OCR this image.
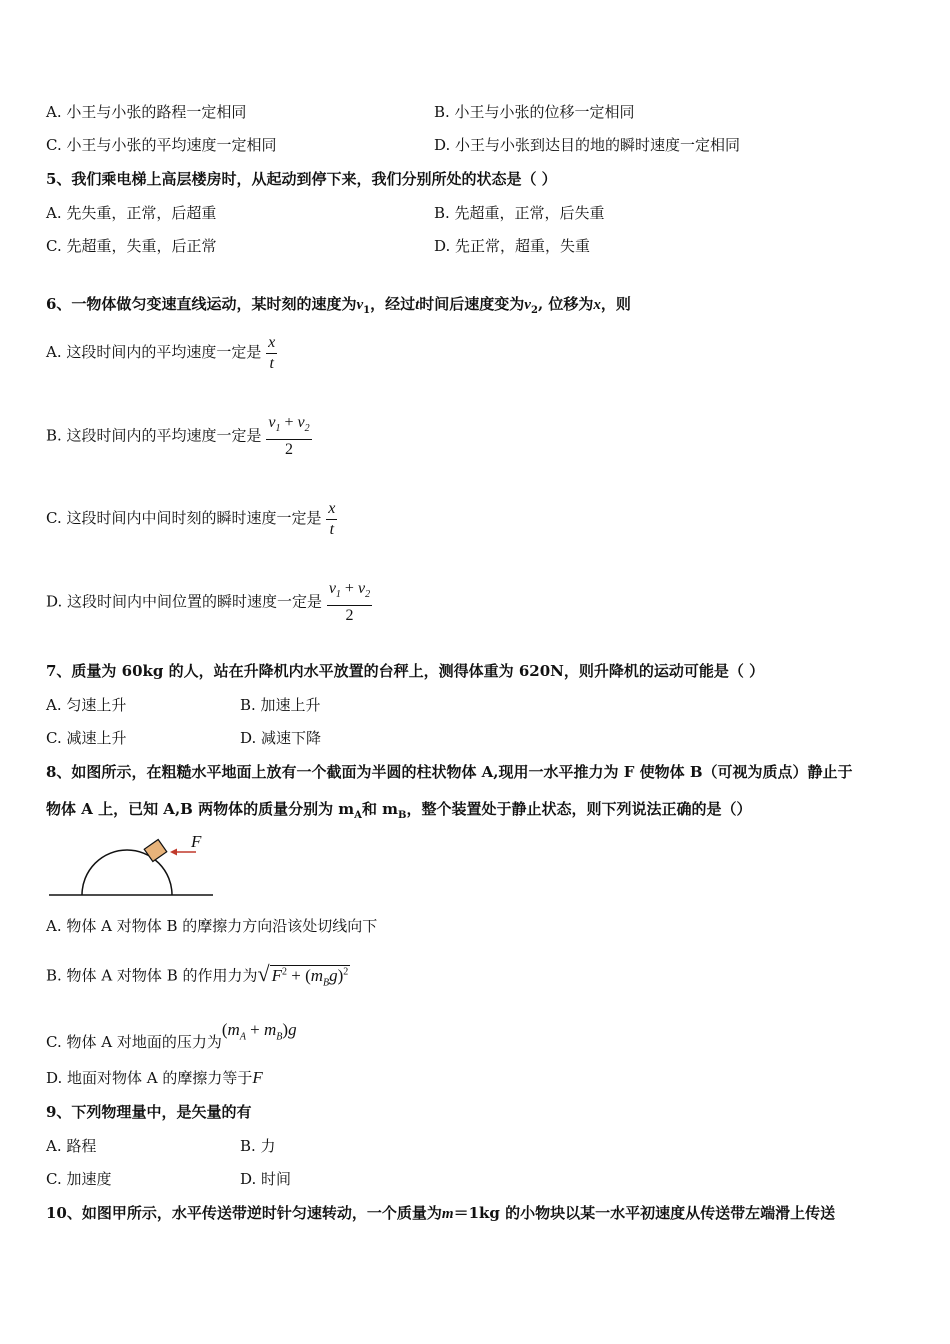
A. 小王与小张的路程一定相同	B. 小王与小张的位移一定相同
C. 小王与小张的平均速度一定相同	D. 小王与小张到达目的地的瞬时速度一定相同
5、我们乘电梯上高层楼房时，从起动到停下来，我们分别所处的状态是（ ）
A. 先失重，正常，后超重	B. 先超重，正常，后失重
C. 先超重，失重，后正常	D. 先正常，超重，失重
6、一物体做匀变速直线运动，某时刻的速度为$v_1$，经过t时间后速度变为$v_2$, 位移为x，则
A. 这段时间内的平均速度一定是 $\frac{x}{t}$
B. 这段时间内的平均速度一定是 $\frac{v_1 + v_2}{2}$
C. 这段时间内中间时刻的瞬时速度一定是 $\frac{x}{t}$
D. 这段时间内中间位置的瞬时速度一定是 $\frac{v_1 + v_2}{2}$
7、质量为 60kg 的人，站在升降机内水平放置的台秤上，测得体重为 620N，则升降机的运动可能是（ ）
A. 匀速上升	B. 加速上升
C. 减速上升	D. 减速下降
8、如图所示，在粗糙水平地面上放有一个截面为半圆的柱状物体 A,现用一水平推力为 F 使物体 B（可视为质点）静止于
物体 A 上，已知 A,B 两物体的质量分别为 $m_A$和 $m_B$，整个装置处于静止状态，则下列说法正确的是（）
F
A. 物体 A 对物体 B 的摩擦力方向沿该处切线向下
B. 物体 A 对物体 B 的作用力为√ $F^2 + (m_Bg)^2$
C. 物体 A 对地面的压力为$(m_A + m_B)g$
D. 地面对物体 A 的摩擦力等于F
9、下列物理量中，是矢量的有
A. 路程	B. 力
C. 加速度	D. 时间
10、如图甲所示，水平传送带逆时针匀速转动，一个质量为m＝1kg 的小物块以某一水平初速度从传送带左端滑上传送
